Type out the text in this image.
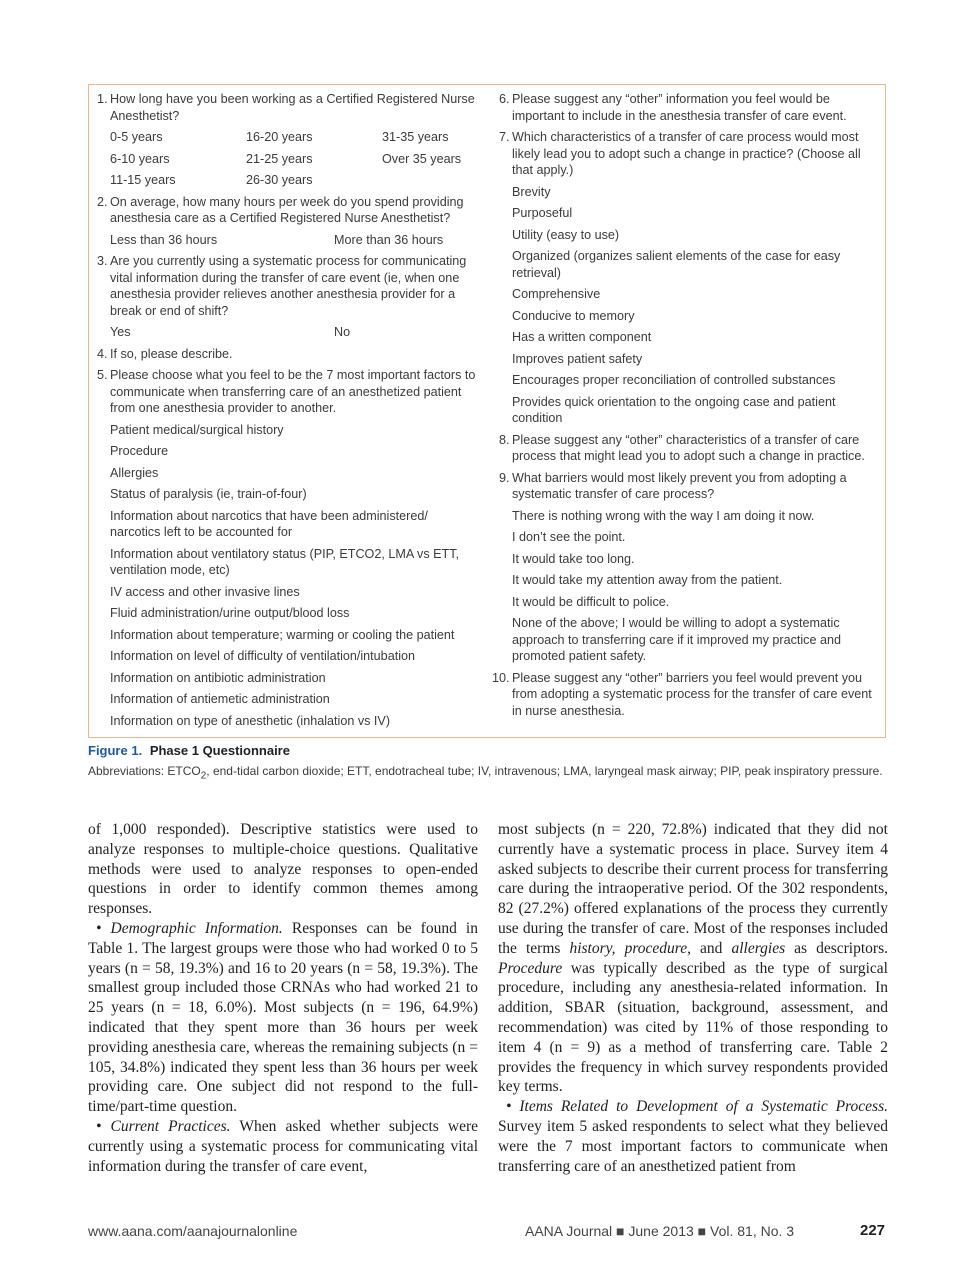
1. How long have you been working as a Certified Registered Nurse Anesthetist?
0-5 years	16-20 years	31-35 years
6-10 years	21-25 years	Over 35 years
11-15 years	26-30 years
2. On average, how many hours per week do you spend providing anesthesia care as a Certified Registered Nurse Anesthetist?
Less than 36 hours	More than 36 hours
3. Are you currently using a systematic process for communicating vital information during the transfer of care event (ie, when one anesthesia provider relieves another anesthesia provider for a break or end of shift?
Yes	No
4. If so, please describe.
5. Please choose what you feel to be the 7 most important factors to communicate when transferring care of an anesthetized patient from one anesthesia provider to another.
Patient medical/surgical history
Procedure
Allergies
Status of paralysis (ie, train-of-four)
Information about narcotics that have been administered/ narcotics left to be accounted for
Information about ventilatory status (PIP, ETCO2, LMA vs ETT, ventilation mode, etc)
IV access and other invasive lines
Fluid administration/urine output/blood loss
Information about temperature; warming or cooling the patient
Information on level of difficulty of ventilation/intubation
Information on antibiotic administration
Information of antiemetic administration
Information on type of anesthetic (inhalation vs IV)
6. Please suggest any “other” information you feel would be important to include in the anesthesia transfer of care event.
7. Which characteristics of a transfer of care process would most likely lead you to adopt such a change in practice? (Choose all that apply.)
Brevity
Purposeful
Utility (easy to use)
Organized (organizes salient elements of the case for easy retrieval)
Comprehensive
Conducive to memory
Has a written component
Improves patient safety
Encourages proper reconciliation of controlled substances
Provides quick orientation to the ongoing case and patient condition
8. Please suggest any “other” characteristics of a transfer of care process that might lead you to adopt such a change in practice.
9. What barriers would most likely prevent you from adopting a systematic transfer of care process?
There is nothing wrong with the way I am doing it now.
I don’t see the point.
It would take too long.
It would take my attention away from the patient.
It would be difficult to police.
None of the above; I would be willing to adopt a systematic approach to transferring care if it improved my practice and promoted patient safety.
10. Please suggest any “other” barriers you feel would prevent you from adopting a systematic process for the transfer of care event in nurse anesthesia.
Figure 1. Phase 1 Questionnaire
Abbreviations: $ETCO_2$, end-tidal carbon dioxide; ETT, endotracheal tube; IV, intravenous; LMA, laryngeal mask airway; PIP, peak inspiratory pressure.

of 1,000 responded). Descriptive statistics were used to analyze responses to multiple-choice questions. Qualitative methods were used to analyze responses to open-ended questions in order to identify common themes among responses.

• Demographic Information. Responses can be found in Table 1. The largest groups were those who had worked 0 to 5 years (n = 58, 19.3%) and 16 to 20 years (n = 58, 19.3%). The smallest group included those CRNAs who had worked 21 to 25 years (n = 18, 6.0%). Most subjects (n = 196, 64.9%) indicated that they spent more than 36 hours per week providing anesthesia care, whereas the remaining subjects (n = 105, 34.8%) indicated they spent less than 36 hours per week providing care. One subject did not respond to the full-time/part-time question.

• Current Practices. When asked whether subjects were currently using a systematic process for communicating vital information during the transfer of care event,

most subjects (n = 220, 72.8%) indicated that they did not currently have a systematic process in place. Survey item 4 asked subjects to describe their current process for transferring care during the intraoperative period. Of the 302 respondents, 82 (27.2%) offered explanations of the process they currently use during the transfer of care. Most of the responses included the terms history, procedure, and allergies as descriptors. Procedure was typically described as the type of surgical procedure, including any anesthesia-related information. In addition, SBAR (situation, background, assessment, and recommendation) was cited by 11% of those responding to item 4 (n = 9) as a method of transferring care. Table 2 provides the frequency in which survey respondents provided key terms.

• Items Related to Development of a Systematic Process. Survey item 5 asked respondents to select what they believed were the 7 most important factors to communicate when transferring care of an anesthetized patient from

www.aana.com/aanajournalonline	AANA Journal ■ June 2013 ■ Vol. 81, No. 3	227
